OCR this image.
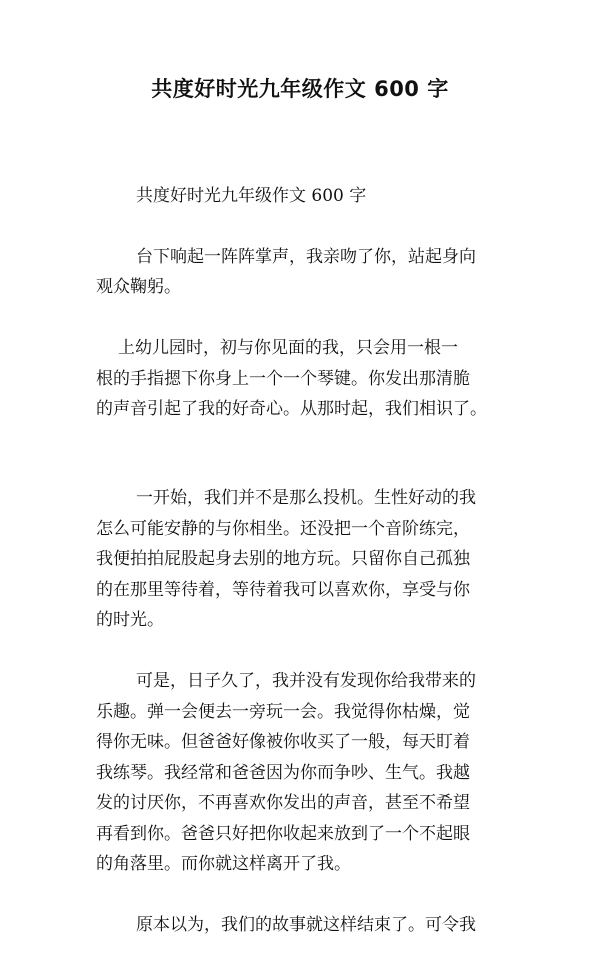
共度好时光九年级作文 600 字

共度好时光九年级作文 600 字

台下响起一阵阵掌声，我亲吻了你，站起身向
观众鞠躬。

上幼儿园时，初与你见面的我，只会用一根一
根的手指摁下你身上一个一个琴键。你发出那清脆
的声音引起了我的好奇心。从那时起，我们相识了。

一开始，我们并不是那么投机。生性好动的我
怎么可能安静的与你相坐。还没把一个音阶练完，
我便拍拍屁股起身去别的地方玩。只留你自己孤独
的在那里等待着，等待着我可以喜欢你，享受与你
的时光。

可是，日子久了，我并没有发现你给我带来的
乐趣。弹一会便去一旁玩一会。我觉得你枯燥，觉
得你无味。但爸爸好像被你收买了一般，每天盯着
我练琴。我经常和爸爸因为你而争吵、生气。我越
发的讨厌你，不再喜欢你发出的声音，甚至不希望
再看到你。爸爸只好把你收起来放到了一个不起眼
的角落里。而你就这样离开了我。

原本以为，我们的故事就这样结束了。可令我
